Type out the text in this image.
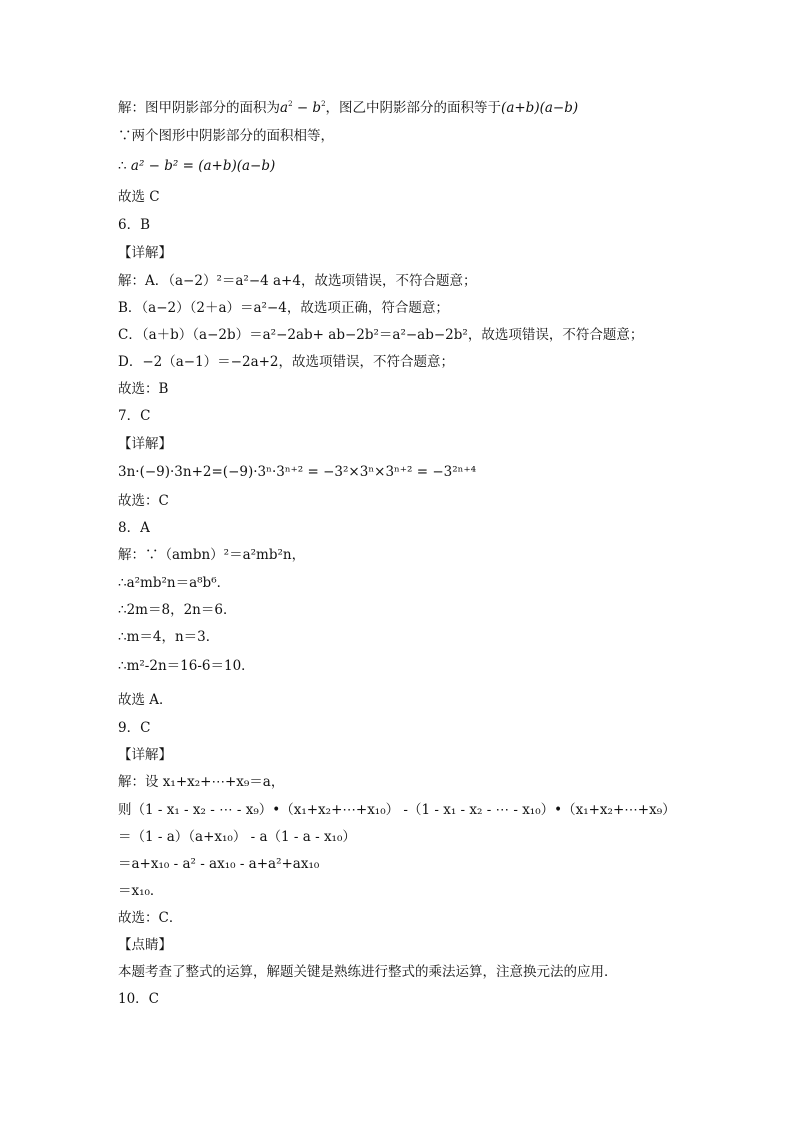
解：图甲阴影部分的面积为$a^2 - b^2$，图乙中阴影部分的面积等于(a+b)(a−b)
∵两个图形中阴影部分的面积相等，
∴ a² − b² = (a+b)(a−b)
故选 C
6．B
【详解】
解：A．（a−2）²＝a²−4 a+4，故选项错误，不符合题意；
B．（a−2）（2＋a）＝a²−4，故选项正确，符合题意；
C．（a＋b）（a−2b）＝a²−2ab+ ab−2b²＝a²−ab−2b²，故选项错误，不符合题意；
D．−2（a−1）＝−2a+2，故选项错误，不符合题意；
故选：B
7．C
【详解】
3n·(−9)·3n+2=(−9)·3ⁿ·3ⁿ⁺² = −3²×3ⁿ×3ⁿ⁺² = −3²ⁿ⁺⁴
故选：C
8．A
解：∵（ambn）²＝a²mb²n，
∴a²mb²n＝a⁸b⁶．
∴2m＝8，2n＝6．
∴m＝4，n＝3．
∴m²-2n＝16-6＝10．
故选 A．
9．C
【详解】
解：设 x₁+x₂+⋯+x₉＝a，
则（1 - x₁ - x₂ - ⋯ - x₉）•（x₁+x₂+⋯+x₁₀） -（1 - x₁ - x₂ - ⋯ - x₁₀）•（x₁+x₂+⋯+x₉）
＝（1 - a）（a+x₁₀） - a（1 - a - x₁₀）
＝a+x₁₀ - a² - ax₁₀ - a+a²+ax₁₀
＝x₁₀．
故选：C．
【点睛】
本题考查了整式的运算，解题关键是熟练进行整式的乘法运算，注意换元法的应用．
10．C
